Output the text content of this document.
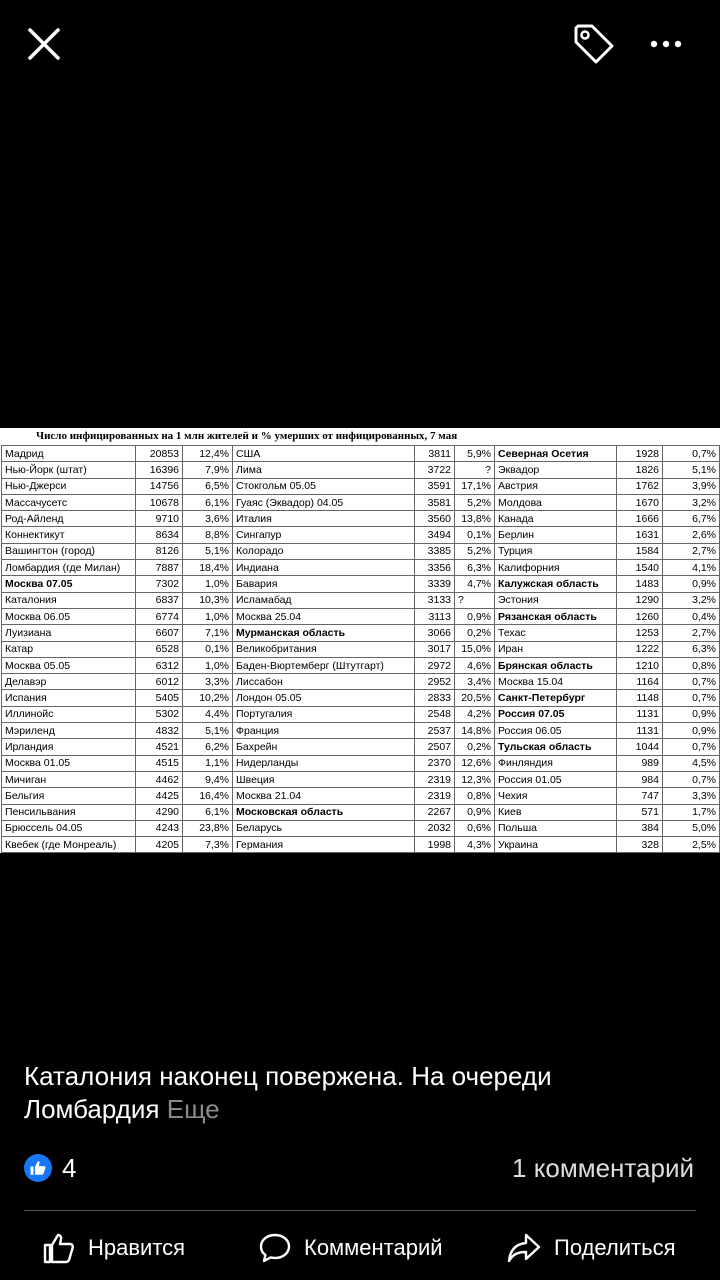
Число инфицированных на 1 млн жителей и % умерших от инфицированных, 7 мая
Мадрид	20853	12,4%	США	3811	5,9%	Северная Осетия	1928	0,7%
Нью-Йорк (штат)	16396	7,9%	Лима	3722	?	Эквадор	1826	5,1%
Нью-Джерси	14756	6,5%	Стокгольм 05.05	3591	17,1%	Австрия	1762	3,9%
Массачусетс	10678	6,1%	Гуаяс (Эквадор) 04.05	3581	5,2%	Молдова	1670	3,2%
Род-Айленд	9710	3,6%	Италия	3560	13,8%	Канада	1666	6,7%
Коннектикут	8634	8,8%	Сингапур	3494	0,1%	Берлин	1631	2,6%
Вашингтон (город)	8126	5,1%	Колорадо	3385	5,2%	Турция	1584	2,7%
Ломбардия (где Милан)	7887	18,4%	Индиана	3356	6,3%	Калифорния	1540	4,1%
Москва 07.05	7302	1,0%	Бавария	3339	4,7%	Калужская область	1483	0,9%
Каталония	6837	10,3%	Исламабад	3133	?	Эстония	1290	3,2%
Москва 06.05	6774	1,0%	Москва 25.04	3113	0,9%	Рязанская область	1260	0,4%
Луизиана	6607	7,1%	Мурманская область	3066	0,2%	Техас	1253	2,7%
Катар	6528	0,1%	Великобритания	3017	15,0%	Иран	1222	6,3%
Москва 05.05	6312	1,0%	Баден-Вюртемберг (Штутгарт)	2972	4,6%	Брянская область	1210	0,8%
Делавэр	6012	3,3%	Лиссабон	2952	3,4%	Москва 15.04	1164	0,7%
Испания	5405	10,2%	Лондон 05.05	2833	20,5%	Санкт-Петербург	1148	0,7%
Иллинойс	5302	4,4%	Португалия	2548	4,2%	Россия 07.05	1131	0,9%
Мэриленд	4832	5,1%	Франция	2537	14,8%	Россия 06.05	1131	0,9%
Ирландия	4521	6,2%	Бахрейн	2507	0,2%	Тульская область	1044	0,7%
Москва 01.05	4515	1,1%	Нидерланды	2370	12,6%	Финляндия	989	4,5%
Мичиган	4462	9,4%	Швеция	2319	12,3%	Россия 01.05	984	0,7%
Бельгия	4425	16,4%	Москва 21.04	2319	0,8%	Чехия	747	3,3%
Пенсильвания	4290	6,1%	Московская область	2267	0,9%	Киев	571	1,7%
Брюссель 04.05	4243	23,8%	Беларусь	2032	0,6%	Польша	384	5,0%
Квебек (где Монреаль)	4205	7,3%	Германия	1998	4,3%	Украина	328	2,5%
Каталония наконец повержена. На очереди Ломбардия Еще
4	1 комментарий
Нравится	Комментарий	Поделиться
